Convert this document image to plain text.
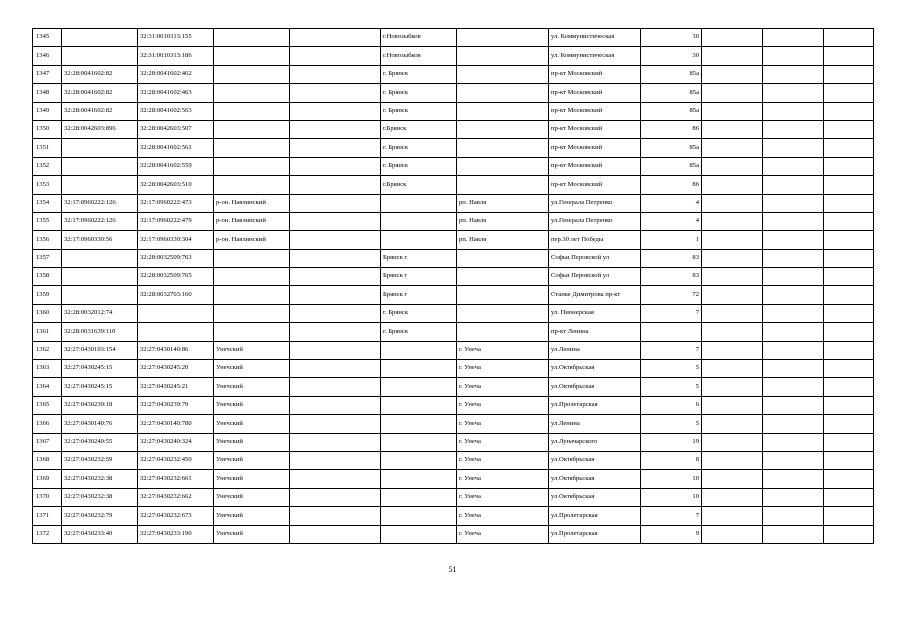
1345		32:31:0010313:155			г.Новозыбков		ул. Коммунистическая	30			
1346		32:31:0010313:186			г.Новозыбков		ул. Коммунистическая	30			
1347	32:28:0041602:82	32:28:0041602:462			г. Брянск		пр-кт Московский	85а			
1348	32:28:0041602:82	32:28:0041602:463			г. Брянск		пр-кт Московский	85а			
1349	32:28:0041602:82	32:28:0041602:563			г. Брянск		пр-кт Московский	85а			
1350	32:28:0042603:896	32:28:0042603:507			г.Брянск		пр-кт Московский	86			
1351		32:28:0041602:561			г. Брянск		пр-кт Московский	85а			
1352		32:28:0041602:559			г. Брянск		пр-кт Московский	85а			
1353		32:28:0042603:510			г.Брянск		пр-кт Московский	86			
1354	32:17:0960222:126	32:17:0960222:473	р-он. Навлинский			рп. Навля	ул.Генерала Петренко	4			
1355	32:17:0960222:126	32:17:0960222:479	р-он. Навлинский			рп. Навля	ул.Генерала Петренко	4			
1356	32:17:0960330:56	32:17:0960330:304	р-он. Навлинский			рп. Навля	пер.30 лет Победы	1			
1357		32:28:0032509:763			Брянск г		Софьи Перовской ул	83			
1358		32:28:0032509:765			Брянск г		Софьи Перовской ул	83			
1359		32:28:0032703:160			Брянск г		Станке Димитрова пр-кт	72			
1360	32:28:0032012:74				г. Брянск		ул. Пионерская	7			
1361	32:28:0031639:110				г. Брянск		пр-кт Ленина				
1362	32:27:0430103:154	32:27:0430140:86	Унечский			г. Унеча	ул.Ленина	7			
1363	32:27:0430245:15	32:27:0430245:20	Унечский			г. Унеча	ул.Октябрьская	5			
1364	32:27:0430245:15	32:27:0430245:21	Унечский			г. Унеча	ул.Октябрьская	5			
1365	32:27:0430239:18	32:27:0430239:79	Унечский			г. Унеча	ул.Пролетарская	6			
1366	32:27:0430140:76	32:27:0430140:780	Унечский			г. Унеча	ул.Ленина	5			
1367	32:27:0430240:55	32:27:0430240:324	Унечский			г. Унеча	ул.Луначарского	19			
1368	32:27:0430232:59	32:27:0430232:450	Унечский			г. Унеча	ул.Октябрьская	8			
1369	32:27:0430232:38	32:27:0430232:661	Унечский			г. Унеча	ул.Октябрьская	10			
1370	32:27:0430232:38	32:27:0430232:662	Унечский			г. Унеча	ул.Октябрьская	10			
1371	32:27:0430232:79	32:27:0430232:673	Унечский			г. Унеча	ул.Пролетарская	7			
1372	32:27:0430233:40	32:27:0430233:190	Унечский			г. Унеча	ул.Пролетарская	9			
51
